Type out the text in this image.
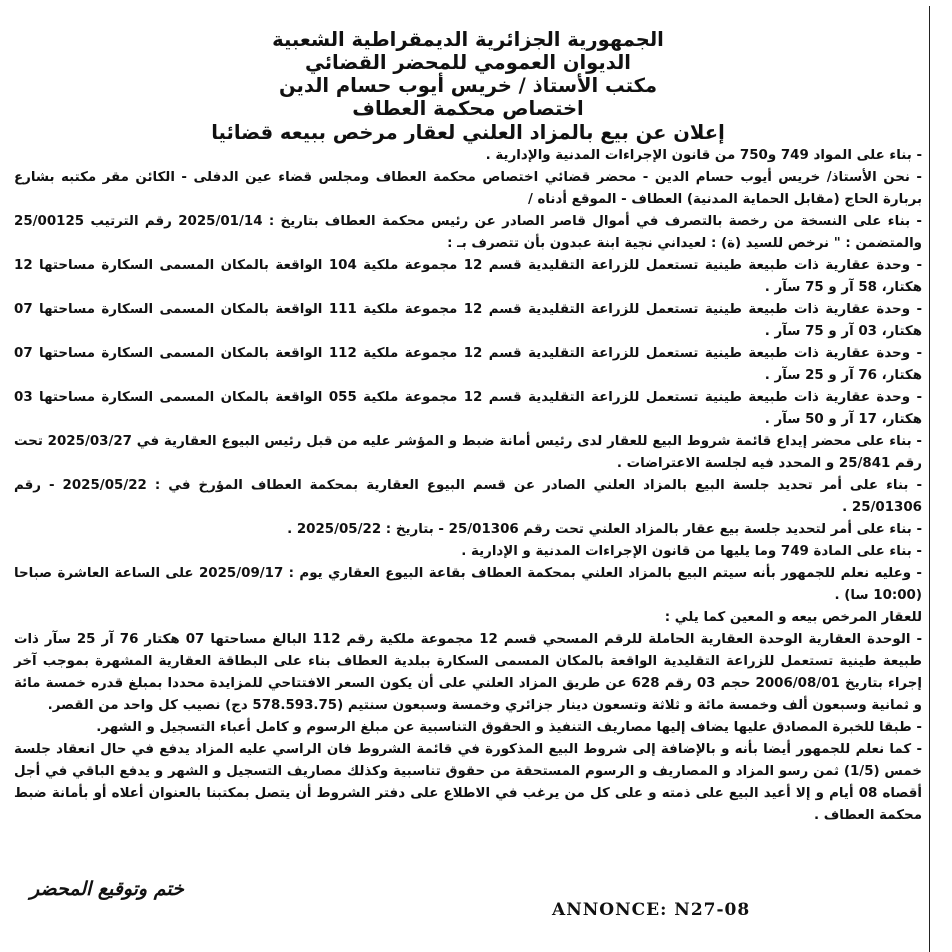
الجمهورية الجزائرية الديمقراطية الشعبية
الديوان العمومي للمحضر القضائي
مكتب الأستاذ / خريس أيوب حسام الدين
اختصاص محكمة العطاف
إعلان عن بيع بالمزاد العلني لعقار مرخص ببيعه قضائيا
- بناء على المواد 749 و750 من قانون الإجراءات المدنية والإدارية .
- نحن الأستاذ/ خريس أيوب حسام الدين - محضر قضائي اختصاص محكمة العطاف ومجلس قضاء عين الدفلى - الكائن مقر مكتبه بشارع بربارة الحاج (مقابل الحماية المدنية) العطاف - الموقع أدناه /
- بناء على النسخة من رخصة بالتصرف في أموال قاصر الصادر عن رئيس محكمة العطاف بتاريخ : 2025/01/14 رقم الترتيب 25/00125 والمتضمن : " نرخص للسيد (ة) : لعيداني نجية ابنة عبدون بأن تتصرف بـ :
- وحدة عقارية ذات طبيعة طينية تستعمل للزراعة التقليدية قسم 12 مجموعة ملكية 104 الواقعة بالمكان المسمى السكارة مساحتها 12 هكتار، 58 آر و 75 سآر .
- وحدة عقارية ذات طبيعة طينية تستعمل للزراعة التقليدية قسم 12 مجموعة ملكية 111 الواقعة بالمكان المسمى السكارة مساحتها 07 هكتار، 03 آر و 75 سآر .
- وحدة عقارية ذات طبيعة طينية تستعمل للزراعة التقليدية قسم 12 مجموعة ملكية 112 الواقعة بالمكان المسمى السكارة مساحتها 07 هكتار، 76 آر و 25 سآر .
- وحدة عقارية ذات طبيعة طينية تستعمل للزراعة التقليدية قسم 12 مجموعة ملكية 055 الواقعة بالمكان المسمى السكارة مساحتها 03 هكتار، 17 آر و 50 سآر .
- بناء على محضر إيداع قائمة شروط البيع للعقار لدى رئيس أمانة ضبط و المؤشر عليه من قبل رئيس البيوع العقارية في 2025/03/27 تحت رقم 25/841 و المحدد فيه لجلسة الاعتراضات .
- بناء على أمر تحديد جلسة البيع بالمزاد العلني الصادر عن قسم البيوع العقارية بمحكمة العطاف المؤرخ في : 2025/05/22 - رقم 25/01306 .
- بناء على أمر لتحديد جلسة بيع عقار بالمزاد العلني تحت رقم 25/01306 - بتاريخ : 2025/05/22 .
- بناء على المادة 749 وما يليها من قانون الإجراءات المدنية و الإدارية .
- وعليه نعلم للجمهور بأنه سيتم البيع بالمزاد العلني بمحكمة العطاف بقاعة البيوع العقاري يوم : 2025/09/17 على الساعة العاشرة صباحا (10:00 سا) .
للعقار المرخص بيعه و المعين كما يلي :
- الوحدة العقارية الوحدة العقارية الحاملة للرقم المسحي قسم 12 مجموعة ملكية رقم 112 البالغ مساحتها 07 هكتار 76 آر 25 سآر ذات طبيعة طينية تستعمل للزراعة التقليدية الواقعة بالمكان المسمى السكارة ببلدية العطاف بناء على البطاقة العقارية المشهرة بموجب آخر إجراء بتاريخ 2006/08/01 حجم 03 رقم 628 عن طريق المزاد العلني على أن يكون السعر الافتتاحي للمزايدة محددا بمبلغ قدره خمسة مائة و ثمانية وسبعون ألف وخمسة مائة و ثلاثة وتسعون دينار جزائري وخمسة وسبعون سنتيم (578.593.75 دج) نصيب كل واحد من القصر.
- طبقا للخبرة المصادق عليها يضاف إليها مصاريف التنفيذ و الحقوق التناسبية عن مبلغ الرسوم و كامل أعباء التسجيل و الشهر.
- كما نعلم للجمهور أيضا بأنه و بالإضافة إلى شروط البيع المذكورة في قائمة الشروط فان الراسي عليه المزاد يدفع في حال انعقاد جلسة خمس (1/5) ثمن رسو المزاد و المصاريف و الرسوم المستحقة من حقوق تناسبية وكذلك مصاريف التسجيل و الشهر و يدفع الباقي في أجل أقصاه 08 أيام و إلا أعيد البيع على ذمته و على كل من يرغب في الاطلاع على دفتر الشروط أن يتصل بمكتبنا بالعنوان أعلاه أو بأمانة ضبط محكمة العطاف .
ختم وتوقيع المحضر
ANNONCE: N27-08
